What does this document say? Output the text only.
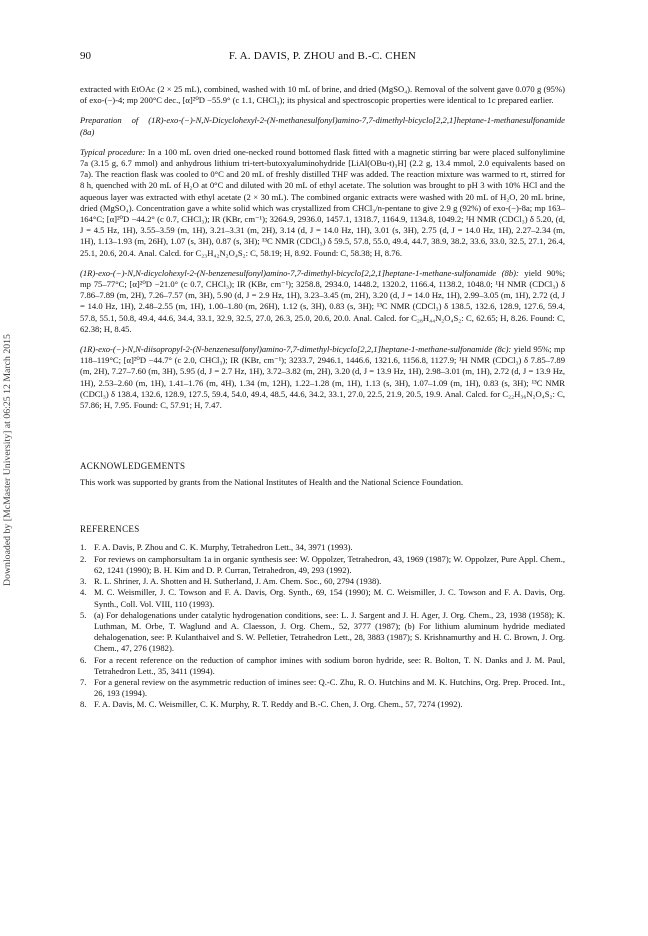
Downloaded by [McMaster University] at 06:25 12 March 2015
90	F. A. DAVIS, P. ZHOU and B.-C. CHEN

extracted with EtOAc (2 × 25 mL), combined, washed with 10 mL of brine, and dried (MgSO₄). Removal of the solvent gave 0.070 g (95%) of exo-(−)-4; mp 200°C dec., [α]²⁰D −55.9° (c 1.1, CHCl₃); its physical and spectroscopic properties were identical to 1c prepared earlier.

Preparation of (1R)-exo-(−)-N,N-Dicyclohexyl-2-(N-methanesulfonyl)amino-7,7-dimethyl-bicyclo[2,2,1]heptane-1-methanesulfonamide (8a)

Typical procedure: In a 100 mL oven dried one-necked round bottomed flask fitted with a magnetic stirring bar were placed sulfonylimine 7a (3.15 g, 6.7 mmol) and anhydrous lithium tri-tert-butoxyaluminohydride [LiAl(OBu-t)₃H] (2.2 g, 13.4 mmol, 2.0 equivalents based on 7a). The reaction flask was cooled to 0°C and 20 mL of freshly distilled THF was added. The reaction mixture was warmed to rt, stirred for 8 h, quenched with 20 mL of H₂O at 0°C and diluted with 20 mL of ethyl acetate. The solution was brought to pH 3 with 10% HCl and the aqueous layer was extracted with ethyl acetate (2 × 30 mL). The combined organic extracts were washed with 20 mL of H₂O, 20 mL brine, dried (MgSO₄). Concentration gave a white solid which was crystallized from CHCl₃/n-pentane to give 2.9 g (92%) of exo-(−)-8a; mp 163–164°C; [α]²⁰D −44.2° (c 0.7, CHCl₃); IR (KBr, cm⁻¹); 3264.9, 2936.0, 1457.1, 1318.7, 1164.9, 1134.8, 1049.2; ¹H NMR (CDCl₃) δ 5.20, (d, J = 4.5 Hz, 1H), 3.55–3.59 (m, 1H), 3.21–3.31 (m, 2H), 3.14 (d, J = 14.0 Hz, 1H), 3.01 (s, 3H), 2.75 (d, J = 14.0 Hz, 1H), 2.27–2.34 (m, 1H), 1.13–1.93 (m, 26H), 1.07 (s, 3H), 0.87 (s, 3H); ¹³C NMR (CDCl₃) δ 59.5, 57.8, 55.0, 49.4, 44.7, 38.9, 38.2, 33.6, 33.0, 32.5, 27.1, 26.4, 25.1, 20.6, 20.4. Anal. Calcd. for C₂₃H₄₂N₂O₄S₂: C, 58.19; H, 8.92. Found: C, 58.38; H, 8.76.

(1R)-exo-(−)-N,N-dicyclohexyl-2-(N-benzenesulfonyl)amino-7,7-dimethyl-bicyclo[2,2,1]heptane-1-methane-sulfonamide (8b): yield 90%; mp 75–77°C; [α]²⁰D −21.0° (c 0.7, CHCl₃); IR (KBr, cm⁻¹); 3258.8, 2934.0, 1448.2, 1320.2, 1166.4, 1138.2, 1048.0; ¹H NMR (CDCl₃) δ 7.86–7.89 (m, 2H), 7.26–7.57 (m, 3H), 5.90 (d, J = 2.9 Hz, 1H), 3.23–3.45 (m, 2H), 3.20 (d, J = 14.0 Hz, 1H), 2.99–3.05 (m, 1H), 2.72 (d, J = 14.0 Hz, 1H), 2.48–2.55 (m, 1H), 1.00–1.80 (m, 26H), 1.12 (s, 3H), 0.83 (s, 3H); ¹³C NMR (CDCl₃) δ 138.5, 132.6, 128.9, 127.6, 59.4, 57.8, 55.1, 50.8, 49.4, 44.6, 34.4, 33.1, 32.9, 32.5, 27.0, 26.3, 25.0, 20.6, 20.0. Anal. Calcd. for C₂₈H₄₄N₂O₄S₂: C, 62.65; H, 8.26. Found: C, 62.38; H, 8.45.

(1R)-exo-(−)-N,N-diisopropyl-2-(N-benzenesulfonyl)amino-7,7-dimethyl-bicyclo[2,2,1]heptane-1-methane-sulfonamide (8c): yield 95%; mp 118–119°C; [α]²⁰D −44.7° (c 2.0, CHCl₃); IR (KBr, cm⁻¹); 3233.7, 2946.1, 1446.6, 1321.6, 1156.8, 1127.9; ¹H NMR (CDCl₃) δ 7.85–7.89 (m, 2H), 7.27–7.60 (m, 3H), 5.95 (d, J = 2.7 Hz, 1H), 3.72–3.82 (m, 2H), 3.20 (d, J = 13.9 Hz, 1H), 2.98–3.01 (m, 1H), 2.72 (d, J = 13.9 Hz, 1H), 2.53–2.60 (m, 1H), 1.41–1.76 (m, 4H), 1.34 (m, 12H), 1.22–1.28 (m, 1H), 1.13 (s, 3H), 1.07–1.09 (m, 1H), 0.83 (s, 3H); ¹³C NMR (CDCl₃) δ 138.4, 132.6, 128.9, 127.5, 59.4, 54.0, 49.4, 48.5, 44.6, 34.2, 33.1, 27.0, 22.5, 21.9, 20.5, 19.9. Anal. Calcd. for C₂₂H₃₆N₂O₄S₂: C, 57.86; H, 7.95. Found: C, 57.91; H, 7.47.

ACKNOWLEDGEMENTS
This work was supported by grants from the National Institutes of Health and the National Science Foundation.
REFERENCES
1. F. A. Davis, P. Zhou and C. K. Murphy, Tetrahedron Lett., 34, 3971 (1993).
2. For reviews on camphorsultam 1a in organic synthesis see: W. Oppolzer, Tetrahedron, 43, 1969 (1987); W. Oppolzer, Pure Appl. Chem., 62, 1241 (1990); B. H. Kim and D. P. Curran, Tetrahedron, 49, 293 (1992).
3. R. L. Shriner, J. A. Shotten and H. Sutherland, J. Am. Chem. Soc., 60, 2794 (1938).
4. M. C. Weismiller, J. C. Towson and F. A. Davis, Org. Synth., 69, 154 (1990); M. C. Weismiller, J. C. Towson and F. A. Davis, Org. Synth., Coll. Vol. VIII, 110 (1993).
5. (a) For dehalogenations under catalytic hydrogenation conditions, see: L. J. Sargent and J. H. Ager, J. Org. Chem., 23, 1938 (1958); K. Luthman, M. Orbe, T. Waglund and A. Claesson, J. Org. Chem., 52, 3777 (1987); (b) For lithium aluminum hydride mediated dehalogenation, see: P. Kulanthaivel and S. W. Pelletier, Tetrahedron Lett., 28, 3883 (1987); S. Krishnamurthy and H. C. Brown, J. Org. Chem., 47, 276 (1982).
6. For a recent reference on the reduction of camphor imines with sodium boron hydride, see: R. Bolton, T. N. Danks and J. M. Paul, Tetrahedron Lett., 35, 3411 (1994).
7. For a general review on the asymmetric reduction of imines see: Q.-C. Zhu, R. O. Hutchins and M. K. Hutchins, Org. Prep. Proced. Int., 26, 193 (1994).
8. F. A. Davis, M. C. Weismiller, C. K. Murphy, R. T. Reddy and B.-C. Chen, J. Org. Chem., 57, 7274 (1992).
